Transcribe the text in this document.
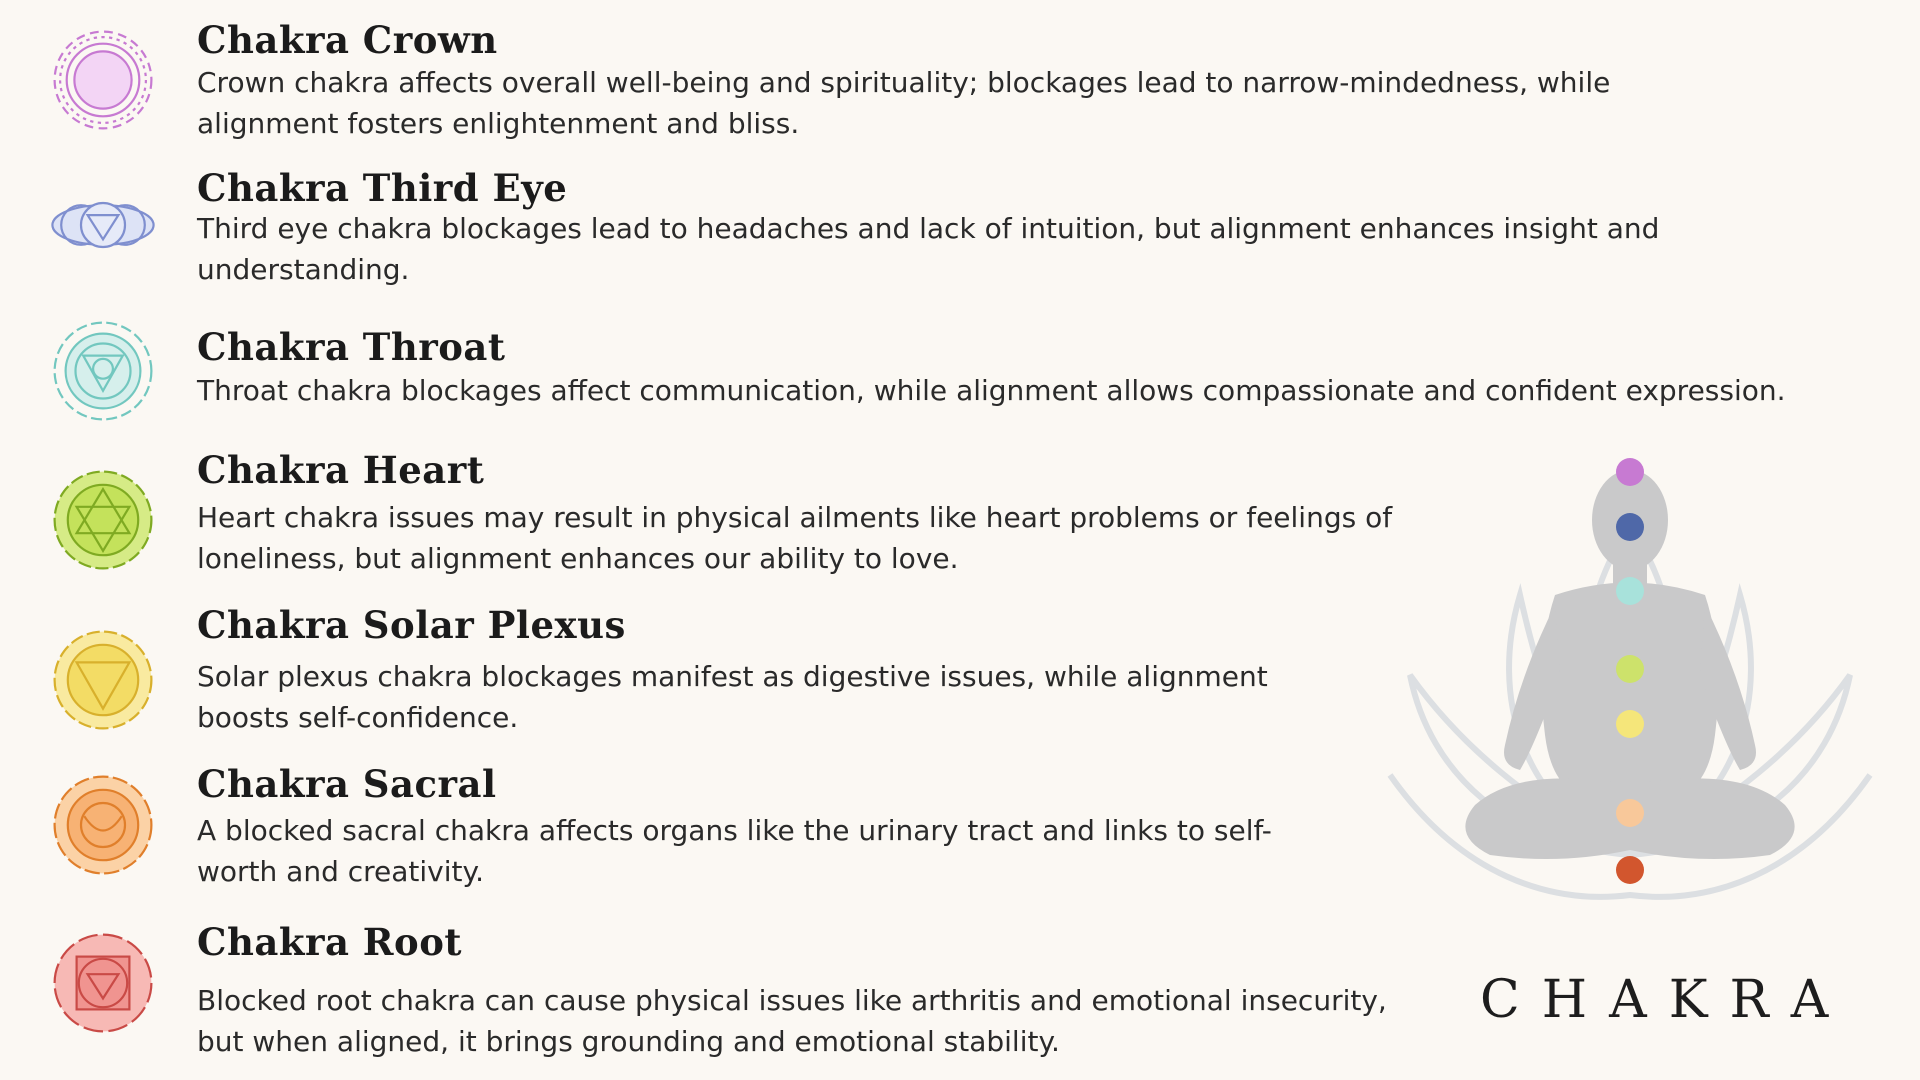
Chakra Crown
Crown chakra affects overall well-being and spirituality; blockages lead to narrow-mindedness, while alignment fosters enlightenment and bliss.
Chakra Third Eye
Third eye chakra blockages lead to headaches and lack of intuition, but alignment enhances insight and understanding.
Chakra Throat
Throat chakra blockages affect communication, while alignment allows compassionate and confident expression.
Chakra Heart
Heart chakra issues may result in physical ailments like heart problems or feelings of loneliness, but alignment enhances our ability to love.
Chakra Solar Plexus
Solar plexus chakra blockages manifest as digestive issues, while alignment boosts self-confidence.
Chakra Sacral
A blocked sacral chakra affects organs like the urinary tract and links to self-worth and creativity.
Chakra Root
Blocked root chakra can cause physical issues like arthritis and emotional insecurity, but when aligned, it brings grounding and emotional stability.
CHAKRA
